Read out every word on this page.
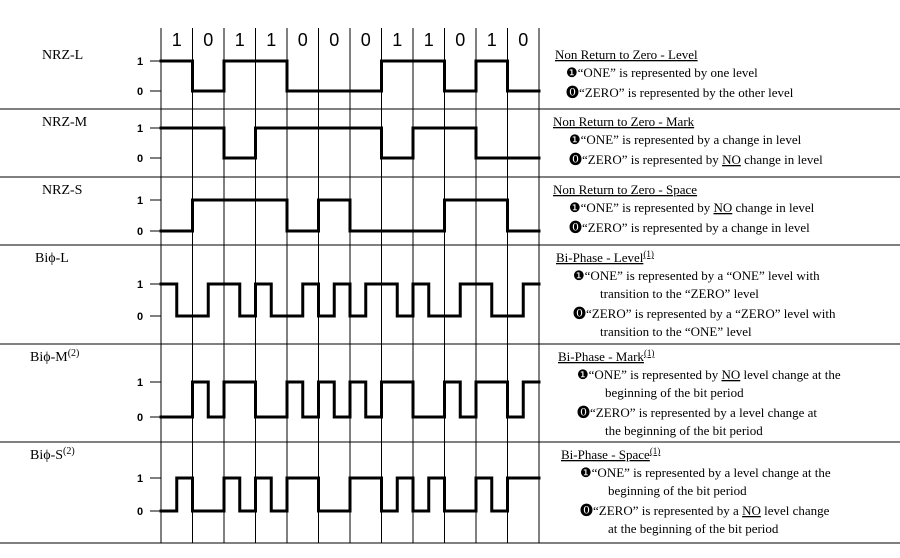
1 0 1 1 0 0 0 1 1 0 1 0
NRZ-L	1
0
Non Return to Zero - Level
❶“ONE” is represented by one level
⓿“ZERO” is represented by the other level
NRZ-M	1
0
Non Return to Zero - Mark
❶“ONE” is represented by a change in level
⓿“ZERO” is represented by NO change in level
NRZ-S
1
0
Non Return to Zero - Space
❶“ONE” is represented by NO change in level
⓿“ZERO” is represented by a change in level
Biϕ-L
1
0
Bi-Phase - Level$^{(1)}$
❶“ONE” is represented by a “ONE” level with
transition to the “ZERO” level
⓿“ZERO” is represented by a “ZERO” level with
transition to the “ONE” level
Biϕ-$M^{(2)}$
1
0
Bi-Phase - Mark$^{(1)}$
❶“ONE” is represented by NO level change at the
beginning of the bit period
⓿“ZERO” is represented by a level change at
the beginning of the bit period
Biϕ-$S^{(2)}$
1
0
Bi-Phase - Space$^{(1)}$
❶“ONE” is represented by a level change at the
beginning of the bit period
⓿“ZERO” is represented by a NO level change
at the beginning of the bit period
